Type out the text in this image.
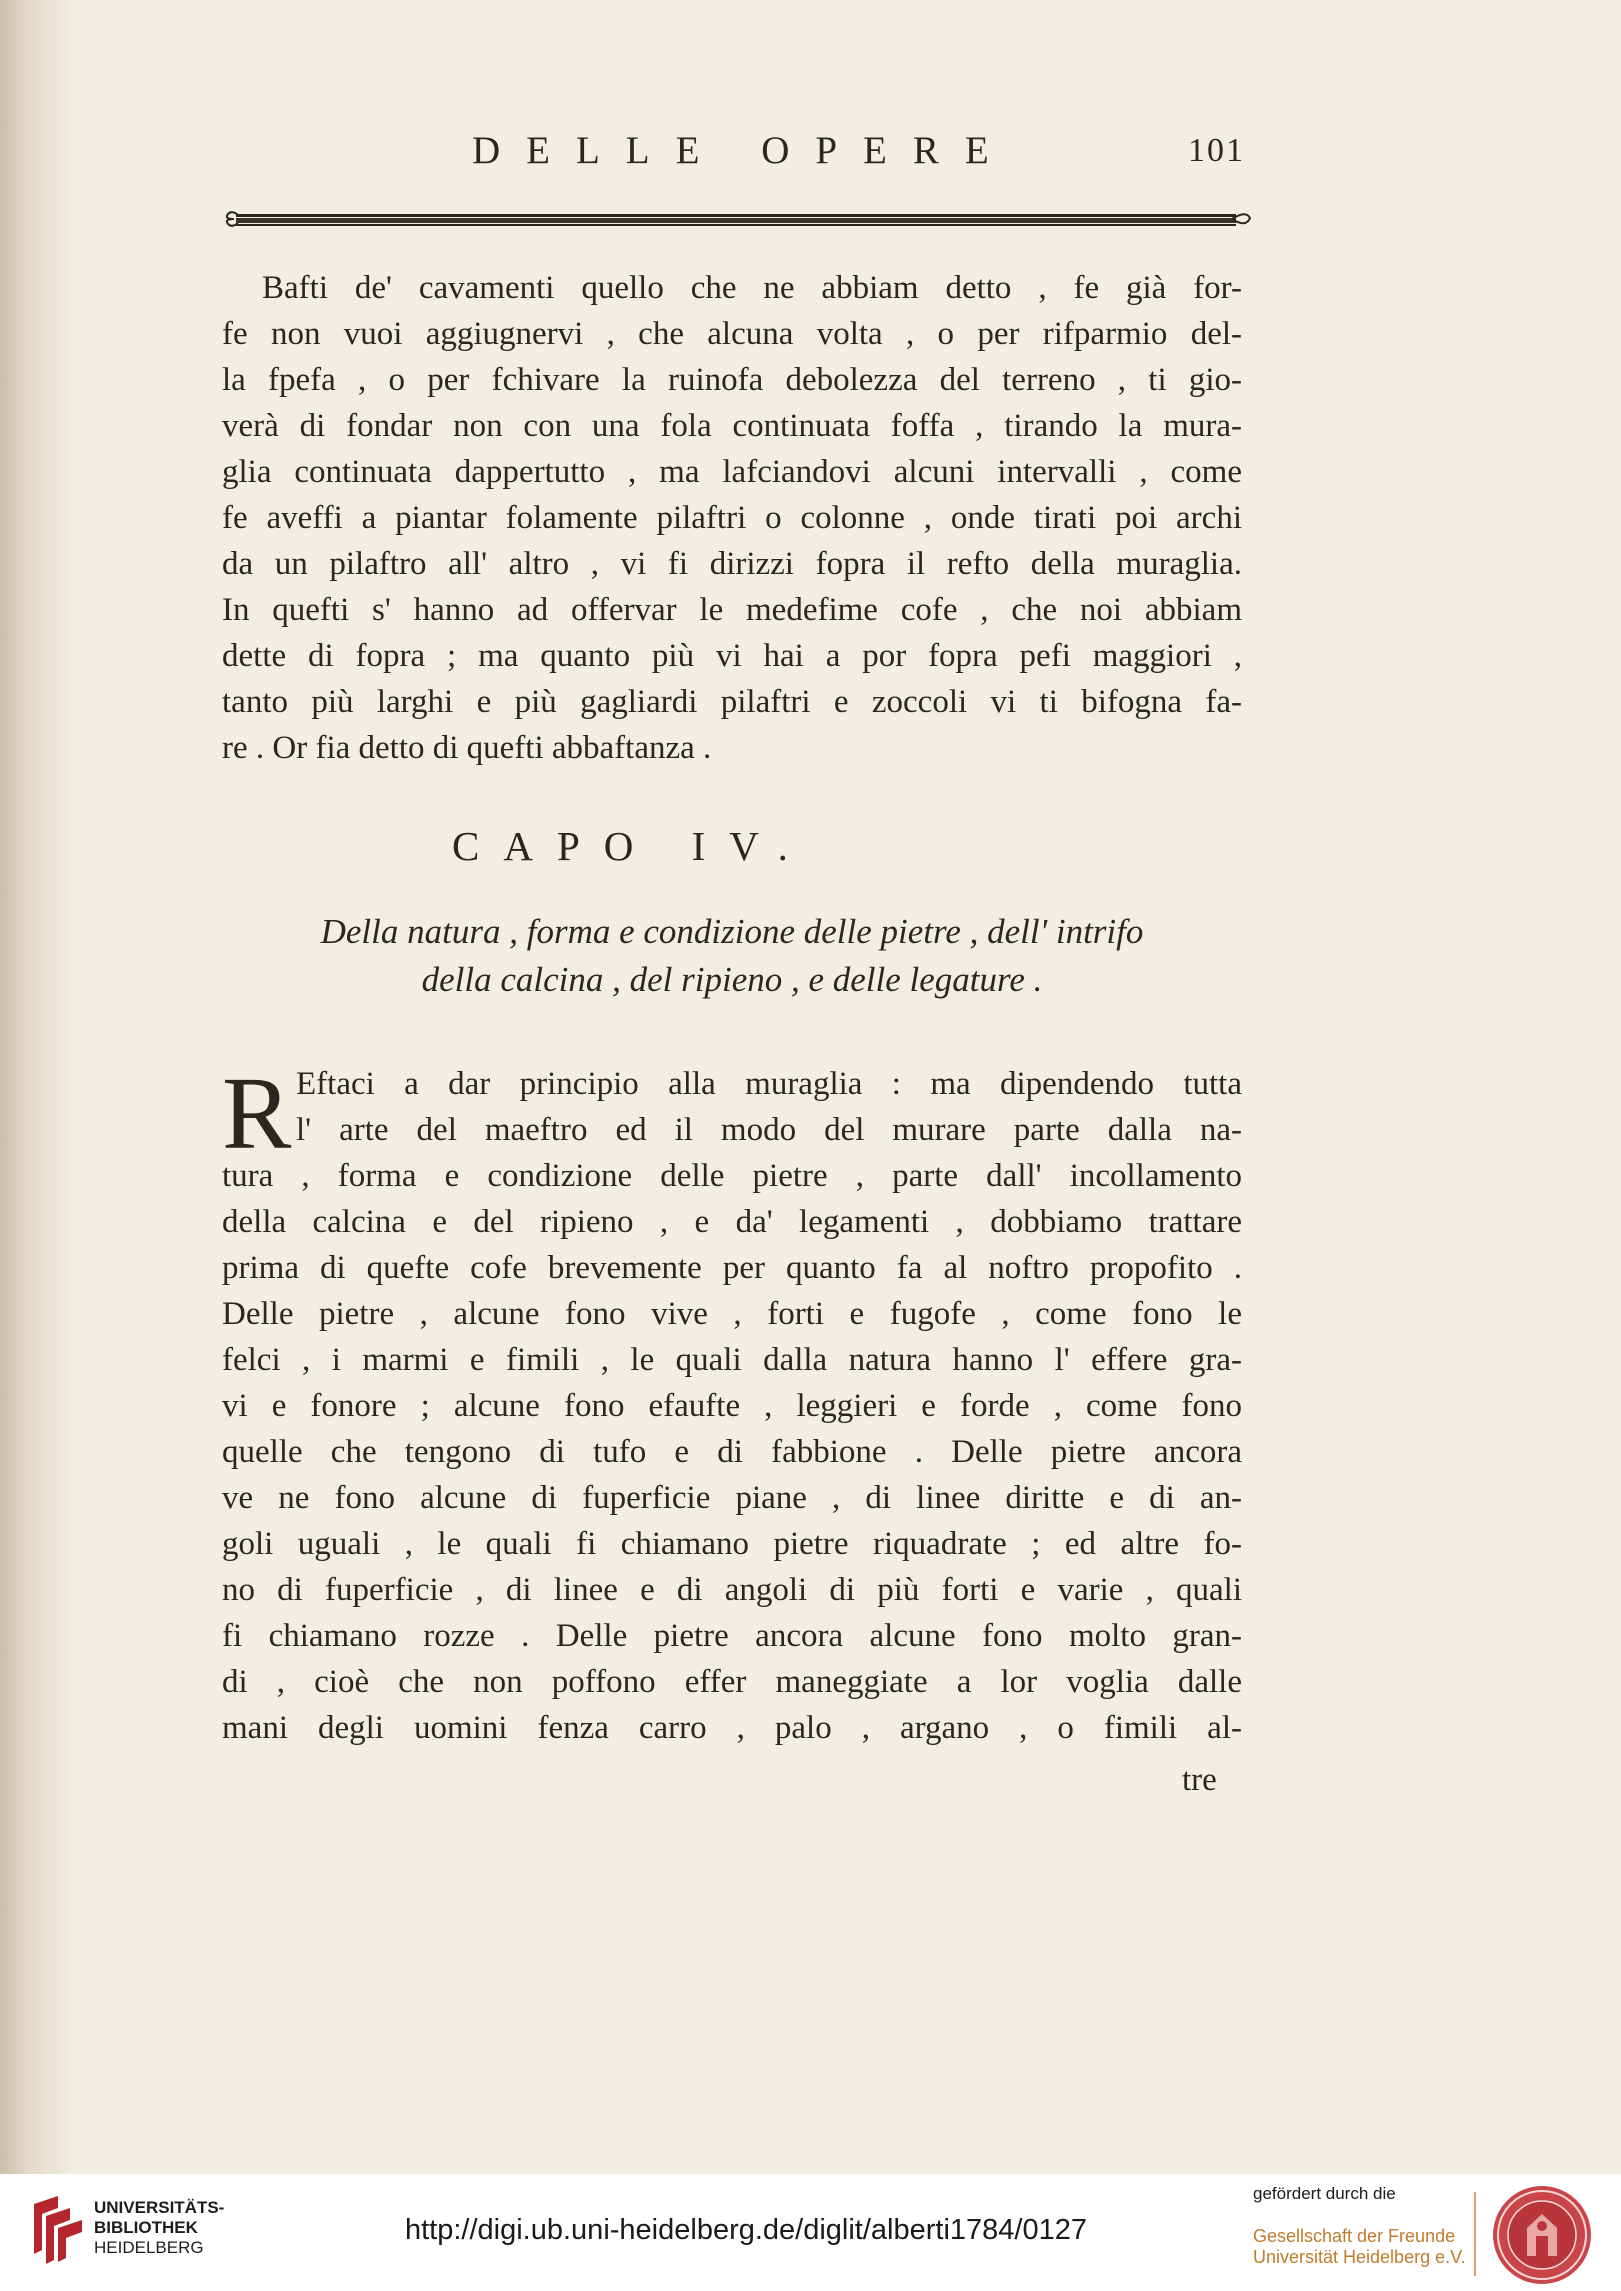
DELLE OPERE	101
Bafti de' cavamenti quello che ne abbiam detto , fe già for-
fe non vuoi aggiugnervi , che alcuna volta , o per rifparmio del-
la fpefa , o per fchivare la ruinofa debolezza del terreno , ti gio-
verà di fondar non con una fola continuata foffa , tirando la mura-
glia continuata dappertutto , ma lafciandovi alcuni intervalli , come
fe aveffi a piantar folamente pilaftri o colonne , onde tirati poi archi
da un pilaftro all' altro , vi fi dirizzi fopra il refto della muraglia.
In quefti s' hanno ad offervar le medefime cofe , che noi abbiam
dette di fopra ; ma quanto più vi hai a por fopra pefi maggiori ,
tanto più larghi e più gagliardi pilaftri e zoccoli vi ti bifogna fa-
re . Or fia detto di quefti abbaftanza .
CAPO IV.
Della natura , forma e condizione delle pietre , dell' intrifo
della calcina , del ripieno , e delle legature .
R Eftaci a dar principio alla muraglia : ma dipendendo tutta
l' arte del maeftro ed il modo del murare parte dalla na-
tura , forma e condizione delle pietre , parte dall' incollamento
della calcina e del ripieno , e da' legamenti , dobbiamo trattare
prima di quefte cofe brevemente per quanto fa al noftro propofito .
Delle pietre , alcune fono vive , forti e fugofe , come fono le
felci , i marmi e fimili , le quali dalla natura hanno l' effere gra-
vi e fonore ; alcune fono efaufte , leggieri e forde , come fono
quelle che tengono di tufo e di fabbione . Delle pietre ancora
ve ne fono alcune di fuperficie piane , di linee diritte e di an-
goli uguali , le quali fi chiamano pietre riquadrate ; ed altre fo-
no di fuperficie , di linee e di angoli di più forti e varie , quali
fi chiamano rozze . Delle pietre ancora alcune fono molto gran-
di , cioè che non poffono effer maneggiate a lor voglia dalle
mani degli uomini fenza carro , palo , argano , o fimili al-
tre
UNIVERSITÄTS-
BIBLIOTHEK
HEIDELBERG
http://digi.ub.uni-heidelberg.de/diglit/alberti1784/0127
gefördert durch die
Gesellschaft der Freunde
Universität Heidelberg e.V.
